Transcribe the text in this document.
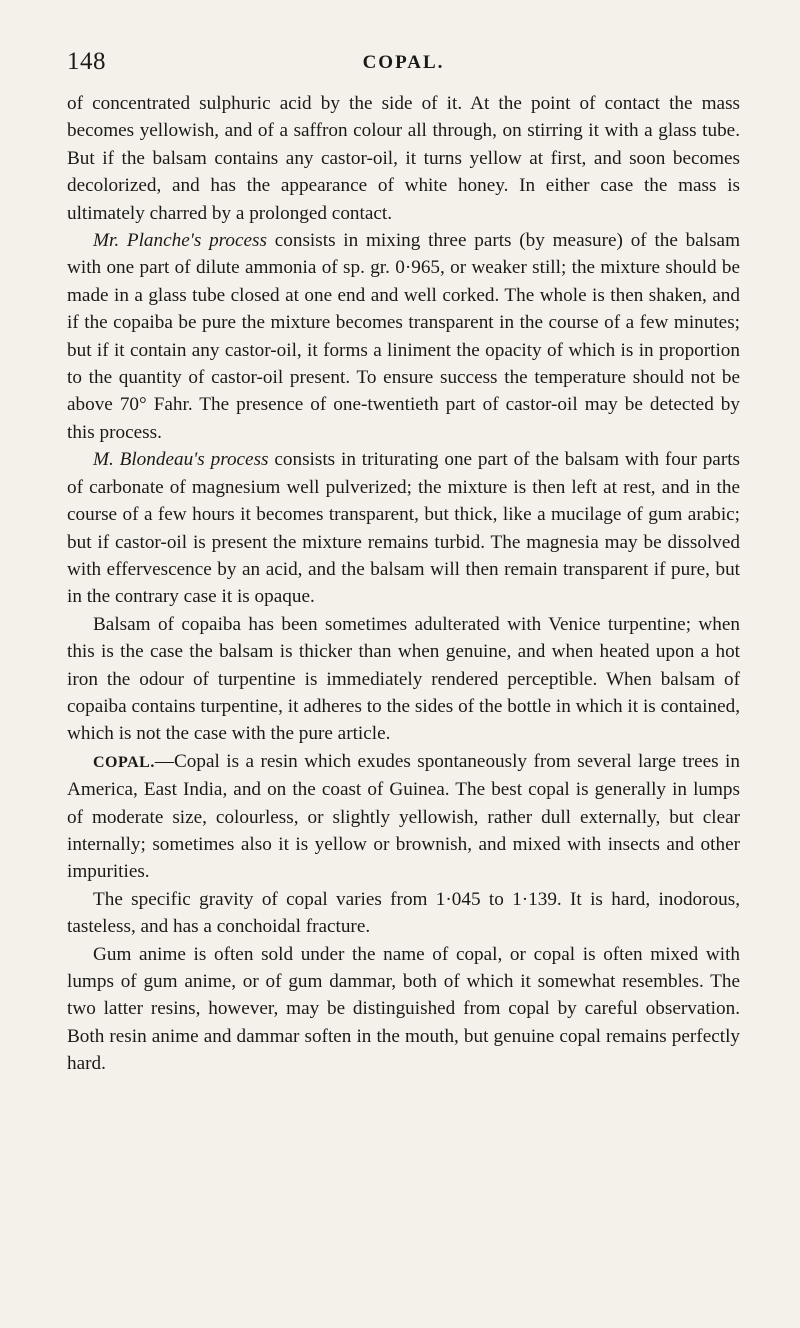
148	COPAL.

of concentrated sulphuric acid by the side of it. At the point of contact the mass becomes yellowish, and of a saffron colour all through, on stirring it with a glass tube. But if the balsam contains any castor-oil, it turns yellow at first, and soon becomes decolorized, and has the appearance of white honey. In either case the mass is ultimately charred by a prolonged contact.

Mr. Planche's process consists in mixing three parts (by measure) of the balsam with one part of dilute ammonia of sp. gr. 0·965, or weaker still; the mixture should be made in a glass tube closed at one end and well corked. The whole is then shaken, and if the copaiba be pure the mixture becomes transparent in the course of a few minutes; but if it contain any castor-oil, it forms a liniment the opacity of which is in proportion to the quantity of castor-oil present. To ensure success the temperature should not be above 70° Fahr. The presence of one-twentieth part of castor-oil may be detected by this process.

M. Blondeau's process consists in triturating one part of the balsam with four parts of carbonate of magnesium well pulverized; the mixture is then left at rest, and in the course of a few hours it becomes transparent, but thick, like a mucilage of gum arabic; but if castor-oil is present the mixture remains turbid. The magnesia may be dissolved with effervescence by an acid, and the balsam will then remain transparent if pure, but in the contrary case it is opaque.

Balsam of copaiba has been sometimes adulterated with Venice turpentine; when this is the case the balsam is thicker than when genuine, and when heated upon a hot iron the odour of turpentine is immediately rendered perceptible. When balsam of copaiba contains turpentine, it adheres to the sides of the bottle in which it is contained, which is not the case with the pure article.

COPAL.—Copal is a resin which exudes spontaneously from several large trees in America, East India, and on the coast of Guinea. The best copal is generally in lumps of moderate size, colourless, or slightly yellowish, rather dull externally, but clear internally; sometimes also it is yellow or brownish, and mixed with insects and other impurities.

The specific gravity of copal varies from 1·045 to 1·139. It is hard, inodorous, tasteless, and has a conchoidal fracture.

Gum anime is often sold under the name of copal, or copal is often mixed with lumps of gum anime, or of gum dammar, both of which it somewhat resembles. The two latter resins, however, may be distinguished from copal by careful observation. Both resin anime and dammar soften in the mouth, but genuine copal remains perfectly hard.
